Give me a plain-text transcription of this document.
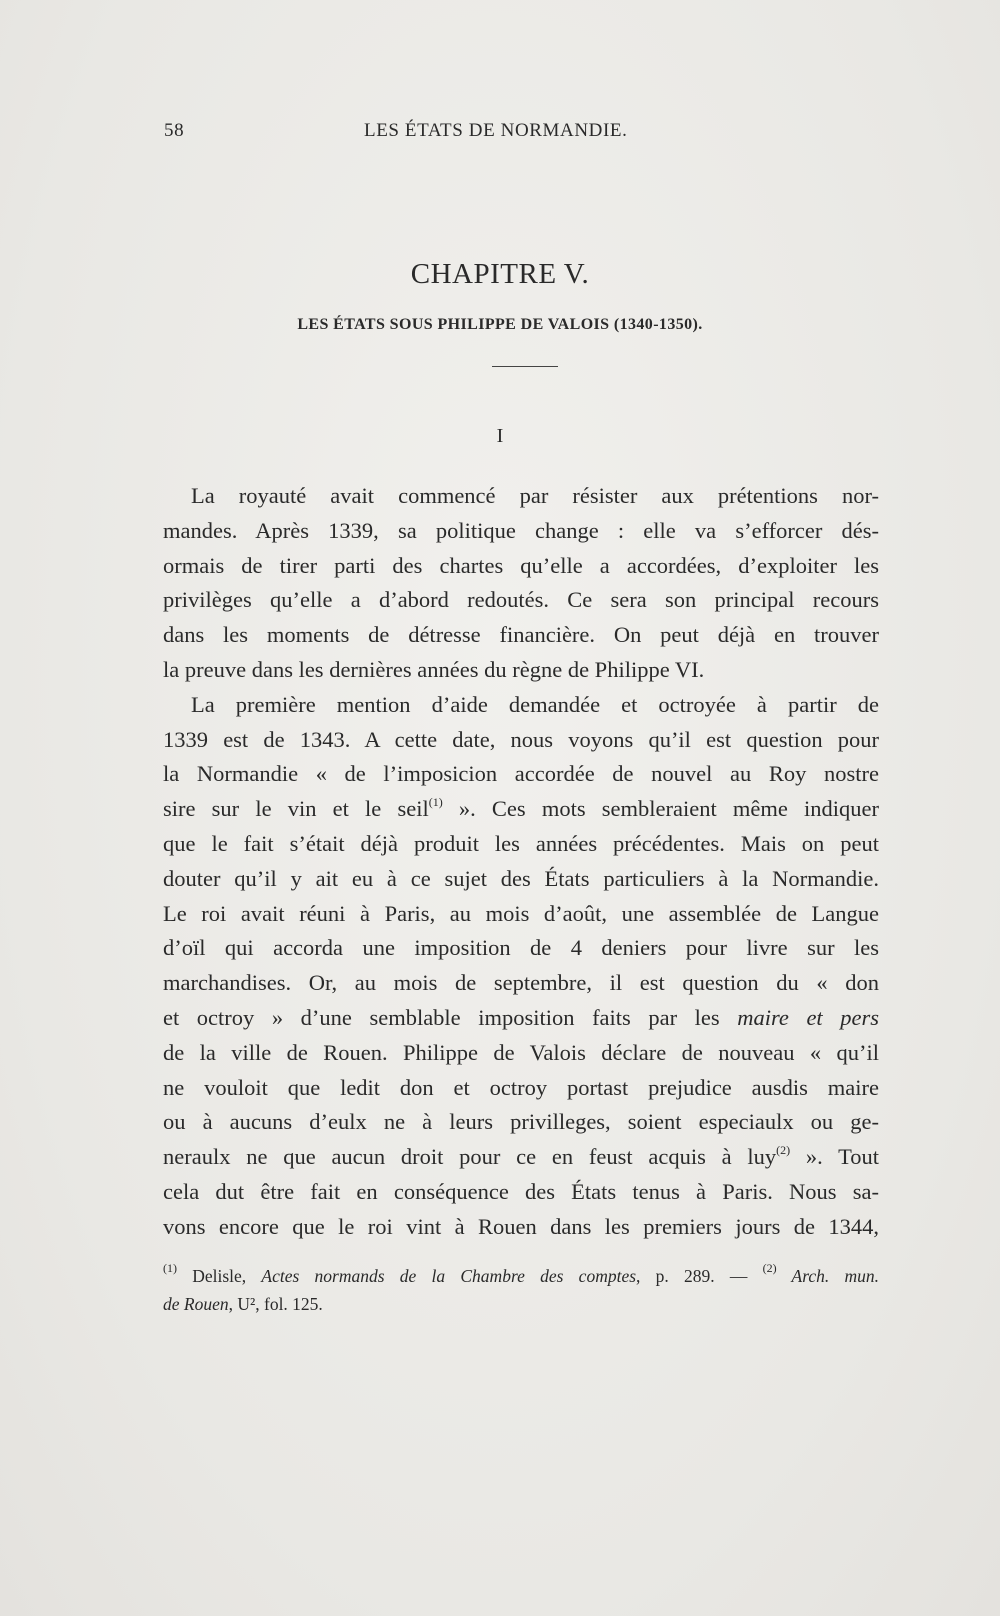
58	LES ÉTATS DE NORMANDIE.
CHAPITRE V.
LES ÉTATS SOUS PHILIPPE DE VALOIS (1340-1350).
I
La royauté avait commencé par résister aux prétentions nor-
mandes. Après 1339, sa politique change : elle va s’efforcer dés-
ormais de tirer parti des chartes qu’elle a accordées, d’exploiter les
privilèges qu’elle a d’abord redoutés. Ce sera son principal recours
dans les moments de détresse financière. On peut déjà en trouver
la preuve dans les dernières années du règne de Philippe VI.
La première mention d’aide demandée et octroyée à partir de
1339 est de 1343. A cette date, nous voyons qu’il est question pour
la Normandie « de l’imposicion accordée de nouvel au Roy nostre
sire sur le vin et le seil$^{(1)}$ ». Ces mots sembleraient même indiquer
que le fait s’était déjà produit les années précédentes. Mais on peut
douter qu’il y ait eu à ce sujet des États particuliers à la Normandie.
Le roi avait réuni à Paris, au mois d’août, une assemblée de Langue
d’oïl qui accorda une imposition de 4 deniers pour livre sur les
marchandises. Or, au mois de septembre, il est question du « don
et octroy » d’une semblable imposition faits par les maire et pers
de la ville de Rouen. Philippe de Valois déclare de nouveau « qu’il
ne vouloit que ledit don et octroy portast prejudice ausdis maire
ou à aucuns d’eulx ne à leurs privilleges, soient especiaulx ou ge-
neraulx ne que aucun droit pour ce en feust acquis à luy$^{(2)}$ ». Tout
cela dut être fait en conséquence des États tenus à Paris. Nous sa-
vons encore que le roi vint à Rouen dans les premiers jours de 1344,
$^{(1)}$ Delisle, Actes normands de la Chambre des comptes, p. 289. — $^{(2)}$ Arch. mun.
de Rouen, U², fol. 125.
